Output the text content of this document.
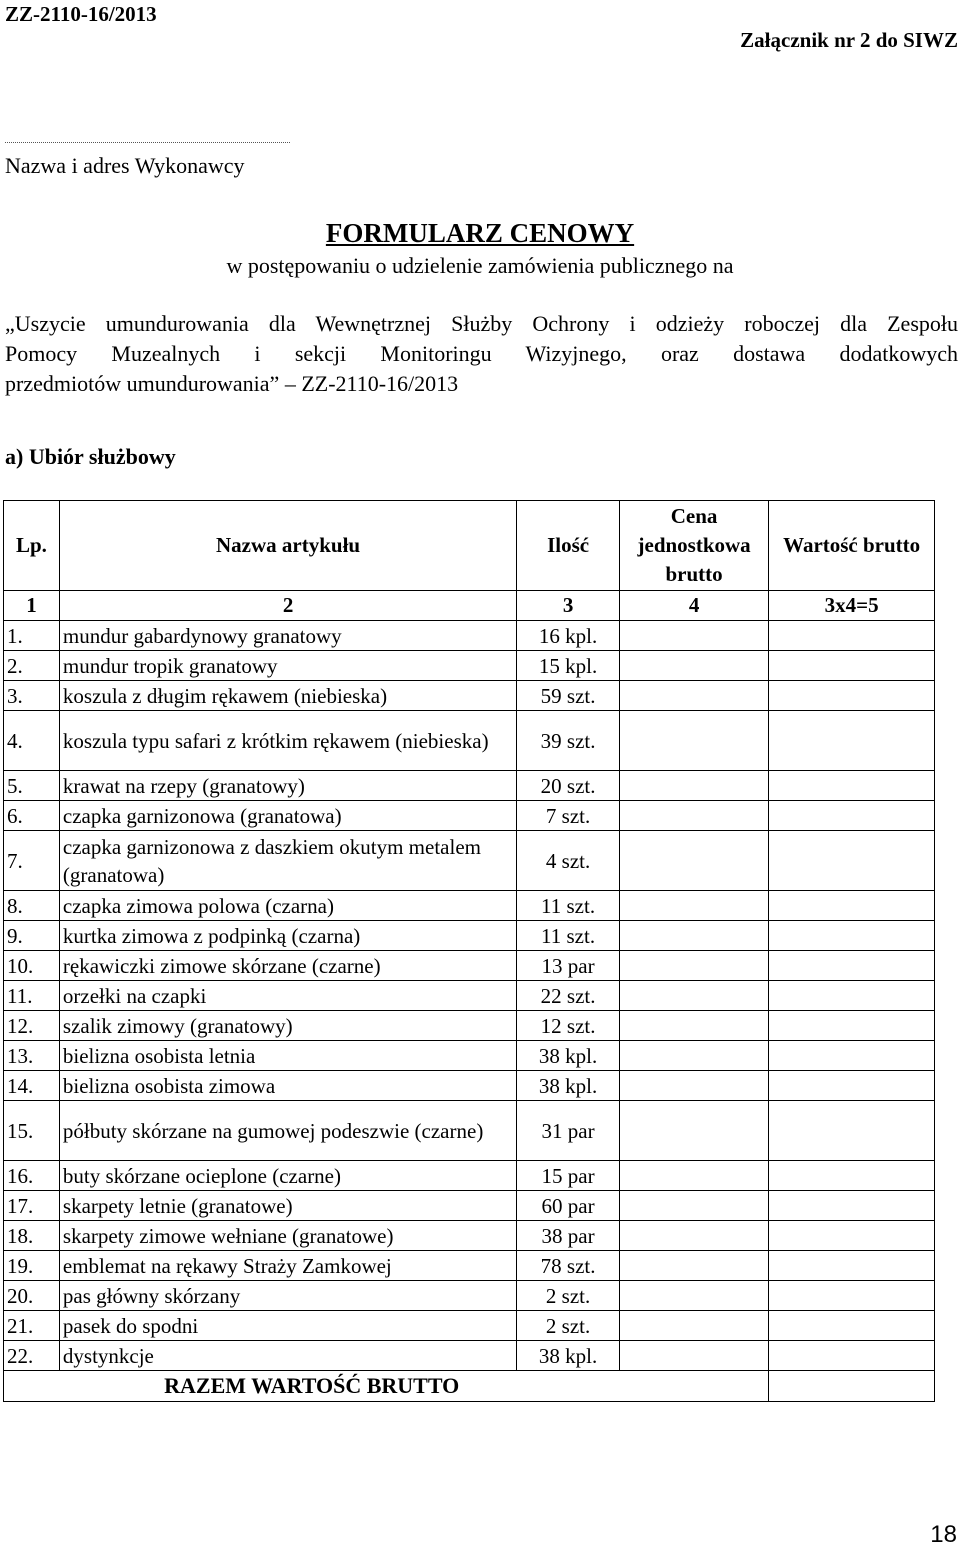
ZZ-2110-16/2013
Załącznik nr 2 do SIWZ
Nazwa i adres Wykonawcy
FORMULARZ CENOWY
w postępowaniu o udzielenie zamówienia publicznego na
„Uszycie umundurowania dla Wewnętrznej Służby Ochrony i odzieży roboczej dla Zespołu
Pomocy Muzealnych i sekcji Monitoringu Wizyjnego, oraz dostawa dodatkowych
przedmiotów umundurowania” – ZZ-2110-16/2013
a) Ubiór służbowy
Lp.	Nazwa artykułu	Ilość	Cena jednostkowa brutto	Wartość brutto
1	2	3	4	3x4=5
1.	mundur gabardynowy granatowy	16 kpl.		
2.	mundur tropik granatowy	15 kpl.		
3.	koszula z długim rękawem (niebieska)	59 szt.		
4.	koszula typu safari z krótkim rękawem (niebieska)	39 szt.		
5.	krawat na rzepy (granatowy)	20 szt.		
6.	czapka garnizonowa (granatowa)	7 szt.		
7.	czapka garnizonowa z daszkiem okutym metalem (granatowa)	4 szt.		
8.	czapka zimowa polowa (czarna)	11 szt.		
9.	kurtka zimowa z podpinką (czarna)	11 szt.		
10.	rękawiczki zimowe skórzane (czarne)	13 par		
11.	orzełki na czapki	22 szt.		
12.	szalik zimowy (granatowy)	12 szt.		
13.	bielizna osobista letnia	38 kpl.		
14.	bielizna osobista zimowa	38 kpl.		
15.	półbuty skórzane na gumowej podeszwie (czarne)	31 par		
16.	buty skórzane ocieplone (czarne)	15 par		
17.	skarpety letnie (granatowe)	60 par		
18.	skarpety zimowe wełniane (granatowe)	38 par		
19.	emblemat na rękawy Straży Zamkowej	78 szt.		
20.	pas główny skórzany	2 szt.		
21.	pasek do spodni	2 szt.		
22.	dystynkcje	38 kpl.		
RAZEM WARTOŚĆ BRUTTO				
18
